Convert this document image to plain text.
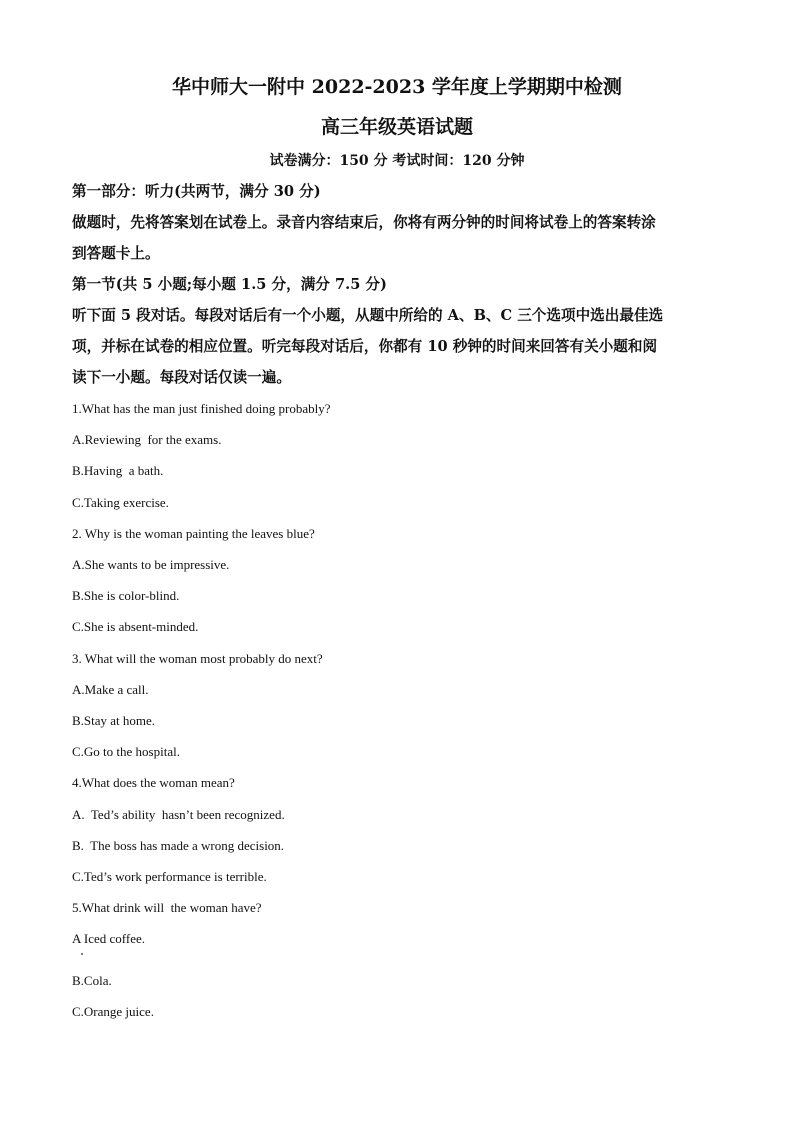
华中师大一附中 2022-2023 学年度上学期期中检测
高三年级英语试题
试卷满分：150 分 考试时间：120 分钟
第一部分：听力(共两节，满分 30 分)
做题时，先将答案划在试卷上。录音内容结束后，你将有两分钟的时间将试卷上的答案转涂
到答题卡上。
第一节(共 5 小题;每小题 1.5 分，满分 7.5 分)
听下面 5 段对话。每段对话后有一个小题，从题中所给的 A、B、C 三个选项中选出最佳选
项，并标在试卷的相应位置。听完每段对话后，你都有 10 秒钟的时间来回答有关小题和阅
读下一小题。每段对话仅读一遍。
1.What has the man just finished doing probably?
A.Reviewing  for the exams.
B.Having  a bath.
C.Taking exercise.
2. Why is the woman painting the leaves blue?
A.She wants to be impressive.
B.She is color-blind.
C.She is absent-minded.
3. What will the woman most probably do next?
A.Make a call.
B.Stay at home.
C.Go to the hospital.
4.What does the woman mean?
A.  Ted’s ability  hasn’t been recognized.
B.  The boss has made a wrong decision.
C.Ted’s work performance is terrible.
5.What drink will  the woman have?
A Iced coffee.
B.Cola.
C.Orange juice.
